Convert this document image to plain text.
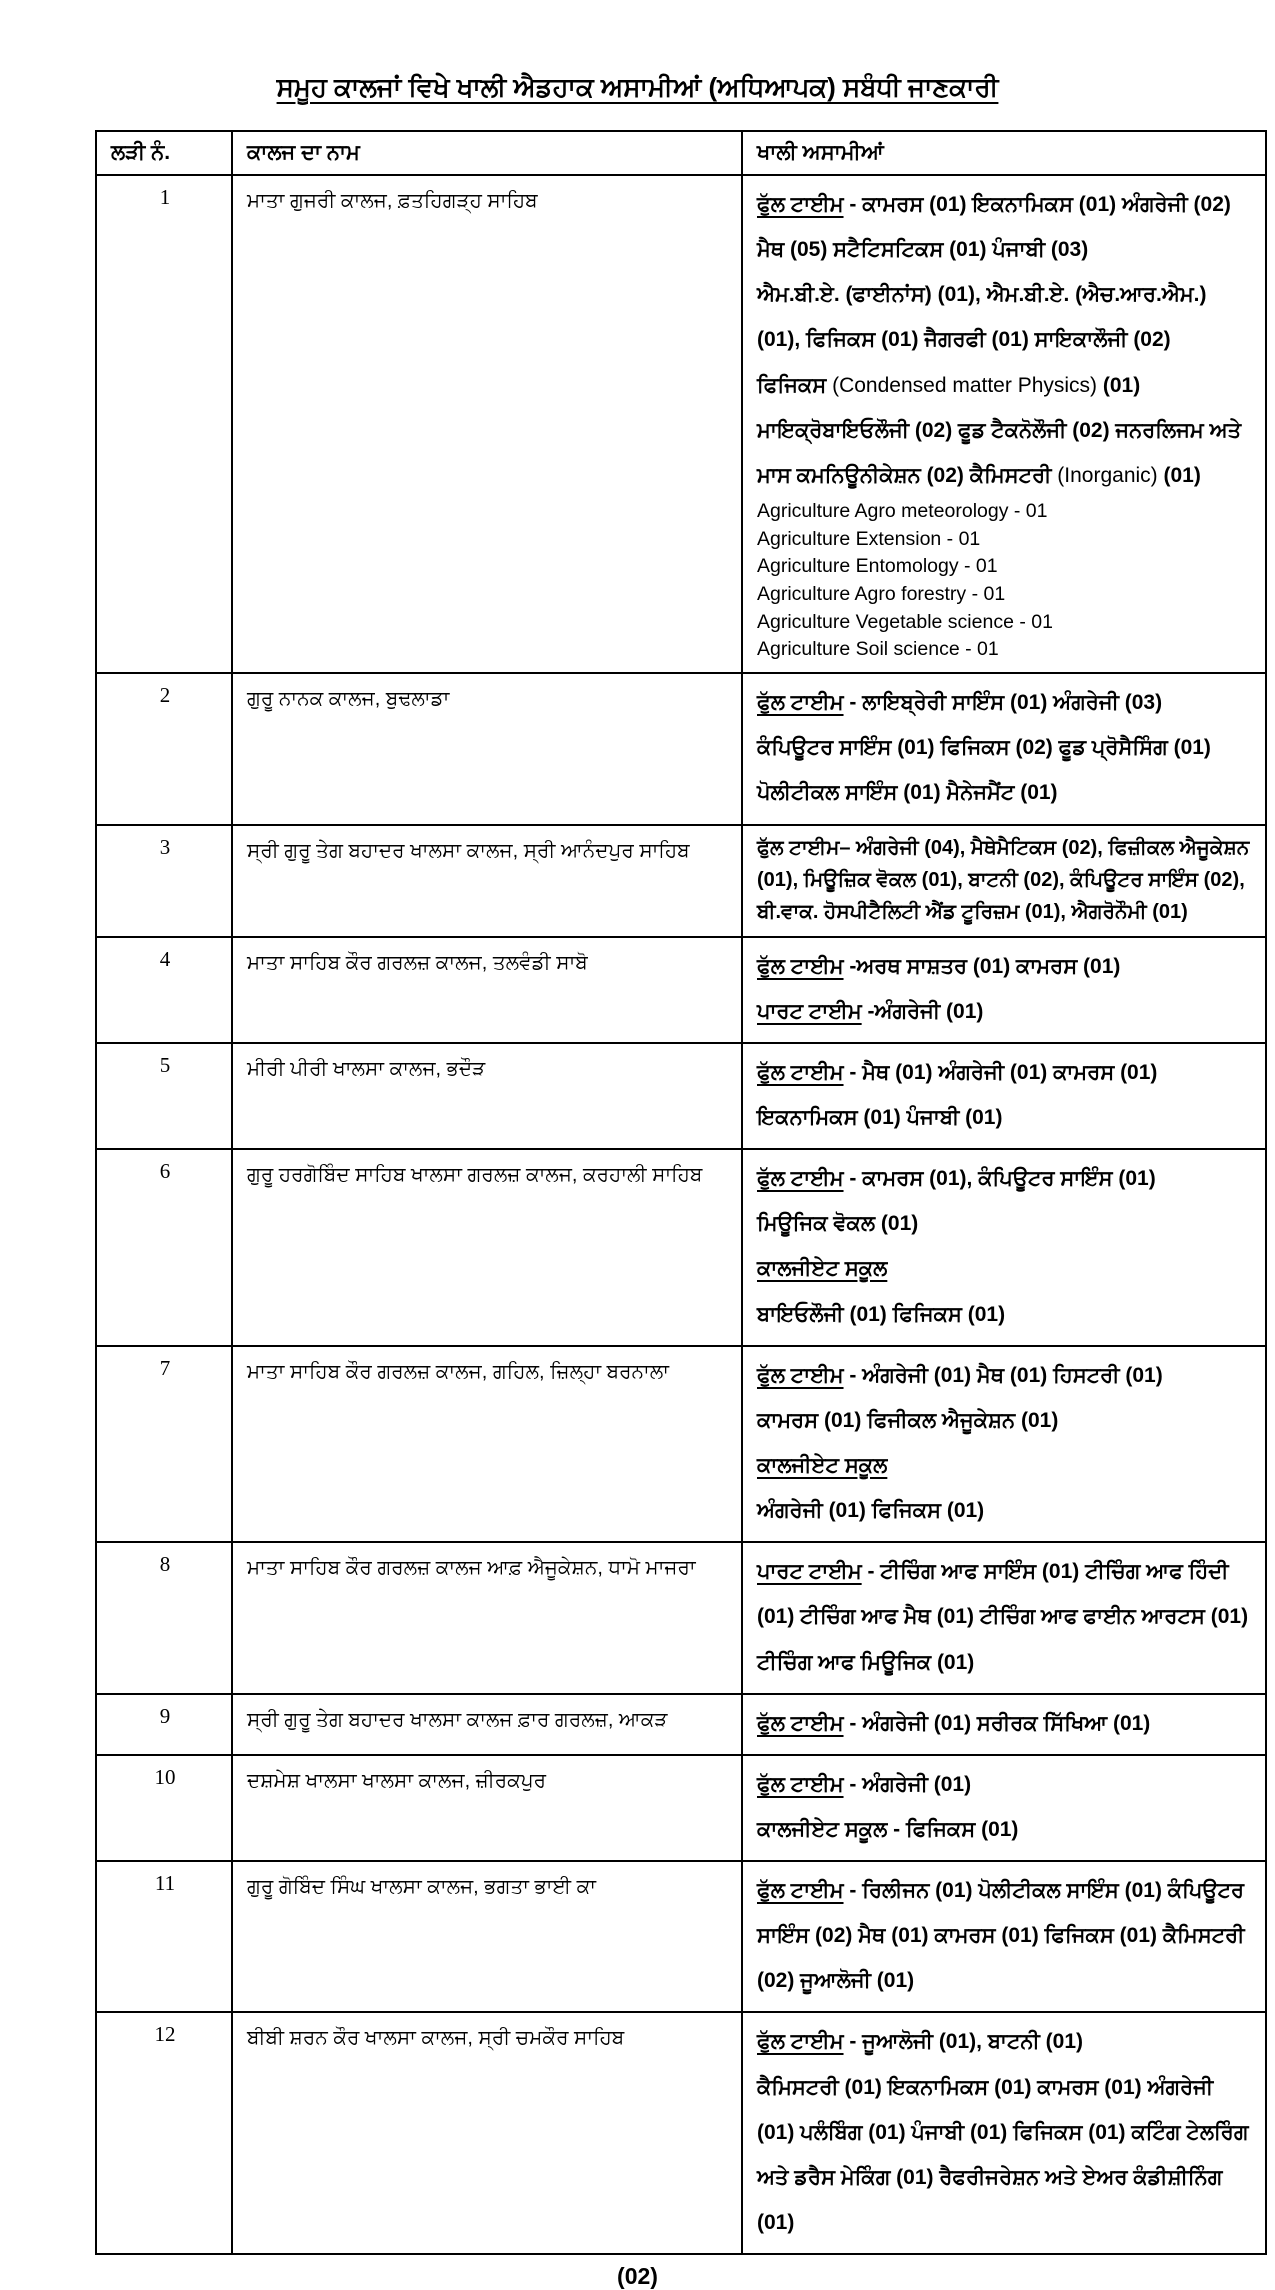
ਸਮੂਹ ਕਾਲਜਾਂ ਵਿਖੇ ਖਾਲੀ ਐਡਹਾਕ ਅਸਾਮੀਆਂ (ਅਧਿਆਪਕ) ਸਬੰਧੀ ਜਾਣਕਾਰੀ
ਲੜੀ ਨੰ.	ਕਾਲਜ ਦਾ ਨਾਮ	ਖਾਲੀ ਅਸਾਮੀਆਂ
1	ਮਾਤਾ ਗੁਜਰੀ ਕਾਲਜ, ਫ਼ਤਹਿਗੜ੍ਹ ਸਾਹਿਬ	ਫੁੱਲ ਟਾਈਮ - ਕਾਮਰਸ (01) ਇਕਨਾਮਿਕਸ (01) ਅੰਗਰੇਜੀ (02) ਮੈਥ (05) ਸਟੈਟਿਸਟਿਕਸ (01) ਪੰਜਾਬੀ (03)
ਐਮ.ਬੀ.ਏ. (ਫਾਈਨਾਂਸ) (01), ਐਮ.ਬੀ.ਏ. (ਐਚ.ਆਰ.ਐਮ.) (01), ਫਿਜਿਕਸ (01) ਜੈਗਰਫੀ (01) ਸਾਇਕਾਲੌਜੀ (02)
ਫਿਜਿਕਸ (Condensed matter Physics) (01)
ਮਾਇਕ੍ਰੋਬਾਇਓਲੌਜੀ (02) ਫੂਡ ਟੈਕਨੋਲੌਜੀ (02) ਜਨਰਲਿਜਮ ਅਤੇ ਮਾਸ ਕਮਨਿਊਨੀਕੇਸ਼ਨ (02) ਕੈਮਿਸਟਰੀ (Inorganic) (01)
Agriculture Agro meteorology - 01
Agriculture Extension - 01
Agriculture Entomology - 01
Agriculture Agro forestry - 01
Agriculture Vegetable science - 01
Agriculture Soil science - 01

2	ਗੁਰੂ ਨਾਨਕ ਕਾਲਜ, ਬੁਢਲਾਡਾ	ਫੁੱਲ ਟਾਈਮ - ਲਾਇਬ੍ਰੇਰੀ ਸਾਇੰਸ (01) ਅੰਗਰੇਜੀ (03)
ਕੰਪਿਊਟਰ ਸਾਇੰਸ (01) ਫਿਜਿਕਸ (02) ਫੂਡ ਪ੍ਰੋਸੈਸਿੰਗ (01)
ਪੋਲੀਟੀਕਲ ਸਾਇੰਸ (01) ਮੈਨੇਜਮੈਂਟ (01)

3	ਸ੍ਰੀ ਗੁਰੂ ਤੇਗ ਬਹਾਦਰ ਖਾਲਸਾ ਕਾਲਜ, ਸ੍ਰੀ ਆਨੰਦਪੁਰ ਸਾਹਿਬ	ਫੁੱਲ ਟਾਈਮ– ਅੰਗਰੇਜੀ (04), ਮੈਥੇਮੈਟਿਕਸ (02), ਫਿਜ਼ੀਕਲ ਐਜੂਕੇਸ਼ਨ (01), ਮਿਊਜ਼ਿਕ ਵੋਕਲ (01), ਬਾਟਨੀ (02), ਕੰਪਿਊਟਰ ਸਾਇੰਸ (02), ਬੀ.ਵਾਕ. ਹੋਸਪੀਟੈਲਿਟੀ ਐਂਡ ਟੂਰਿਜ਼ਮ (01), ਐਗਰੋਨੌਮੀ (01)

4	ਮਾਤਾ ਸਾਹਿਬ ਕੌਰ ਗਰਲਜ਼ ਕਾਲਜ, ਤਲਵੰਡੀ ਸਾਬੋ	ਫੁੱਲ ਟਾਈਮ -ਅਰਥ ਸਾਸ਼ਤਰ (01) ਕਾਮਰਸ (01)
ਪਾਰਟ ਟਾਈਮ -ਅੰਗਰੇਜੀ (01)

5	ਮੀਰੀ ਪੀਰੀ ਖਾਲਸਾ ਕਾਲਜ, ਭਦੌੜ	ਫੁੱਲ ਟਾਈਮ - ਮੈਥ (01) ਅੰਗਰੇਜੀ (01) ਕਾਮਰਸ (01) ਇਕਨਾਮਿਕਸ (01) ਪੰਜਾਬੀ (01)

6	ਗੁਰੂ ਹਰਗੋਬਿੰਦ ਸਾਹਿਬ ਖਾਲਸਾ ਗਰਲਜ਼ ਕਾਲਜ, ਕਰਹਾਲੀ ਸਾਹਿਬ	ਫੁੱਲ ਟਾਈਮ - ਕਾਮਰਸ (01), ਕੰਪਿਊਟਰ ਸਾਇੰਸ (01)
ਮਿਊਜਿਕ ਵੋਕਲ (01)
ਕਾਲਜੀਏਟ ਸਕੂਲ
ਬਾਇਓਲੌਜੀ (01) ਫਿਜਿਕਸ (01)

7	ਮਾਤਾ ਸਾਹਿਬ ਕੌਰ ਗਰਲਜ਼ ਕਾਲਜ, ਗਹਿਲ, ਜ਼ਿਲ੍ਹਾ ਬਰਨਾਲਾ	ਫੁੱਲ ਟਾਈਮ - ਅੰਗਰੇਜੀ (01) ਮੈਥ (01) ਹਿਸਟਰੀ (01)
ਕਾਮਰਸ (01) ਫਿਜੀਕਲ ਐਜੂਕੇਸ਼ਨ (01)
ਕਾਲਜੀਏਟ ਸਕੂਲ
ਅੰਗਰੇਜੀ (01) ਫਿਜਿਕਸ (01)

8	ਮਾਤਾ ਸਾਹਿਬ ਕੌਰ ਗਰਲਜ਼ ਕਾਲਜ ਆਫ਼ ਐਜੂਕੇਸ਼ਨ, ਧਾਮੋ ਮਾਜਰਾ	ਪਾਰਟ ਟਾਈਮ - ਟੀਚਿੰਗ ਆਫ ਸਾਇੰਸ (01) ਟੀਚਿੰਗ ਆਫ ਹਿੰਦੀ (01) ਟੀਚਿੰਗ ਆਫ ਮੈਥ (01) ਟੀਚਿੰਗ ਆਫ ਫਾਈਨ ਆਰਟਸ (01) ਟੀਚਿੰਗ ਆਫ ਮਿਊਜਿਕ (01)

9	ਸ੍ਰੀ ਗੁਰੂ ਤੇਗ ਬਹਾਦਰ ਖਾਲਸਾ ਕਾਲਜ ਫ਼ਾਰ ਗਰਲਜ਼, ਆਕੜ	ਫੁੱਲ ਟਾਈਮ - ਅੰਗਰੇਜੀ (01) ਸਰੀਰਕ ਸਿੱਖਿਆ (01)

10	ਦਸ਼ਮੇਸ਼ ਖਾਲਸਾ ਖਾਲਸਾ ਕਾਲਜ, ਜ਼ੀਰਕਪੁਰ	ਫੁੱਲ ਟਾਈਮ - ਅੰਗਰੇਜੀ (01)
ਕਾਲਜੀਏਟ ਸਕੂਲ - ਫਿਜਿਕਸ (01)

11	ਗੁਰੂ ਗੋਬਿੰਦ ਸਿੰਘ ਖਾਲਸਾ ਕਾਲਜ, ਭਗਤਾ ਭਾਈ ਕਾ	ਫੁੱਲ ਟਾਈਮ - ਰਿਲੀਜਨ (01) ਪੋਲੀਟੀਕਲ ਸਾਇੰਸ (01) ਕੰਪਿਊਟਰ ਸਾਇੰਸ (02) ਮੈਥ (01) ਕਾਮਰਸ (01) ਫਿਜਿਕਸ (01) ਕੈਮਿਸਟਰੀ (02) ਜੂਆਲੋਜੀ (01)

12	ਬੀਬੀ ਸ਼ਰਨ ਕੌਰ ਖਾਲਸਾ ਕਾਲਜ, ਸ੍ਰੀ ਚਮਕੌਰ ਸਾਹਿਬ	ਫੁੱਲ ਟਾਈਮ - ਜੂਆਲੋਜੀ (01), ਬਾਟਨੀ (01)
ਕੈਮਿਸਟਰੀ (01) ਇਕਨਾਮਿਕਸ (01) ਕਾਮਰਸ (01) ਅੰਗਰੇਜੀ (01) ਪਲੰਬਿੰਗ (01) ਪੰਜਾਬੀ (01) ਫਿਜਿਕਸ (01) ਕਟਿੰਗ ਟੇਲਰਿੰਗ ਅਤੇ ਡਰੈਸ ਮੇਕਿੰਗ (01) ਰੈਫਰੀਜਰੇਸ਼ਨ ਅਤੇ ਏਅਰ ਕੰਡੀਸ਼ੀਨਿੰਗ (01)
(02)
